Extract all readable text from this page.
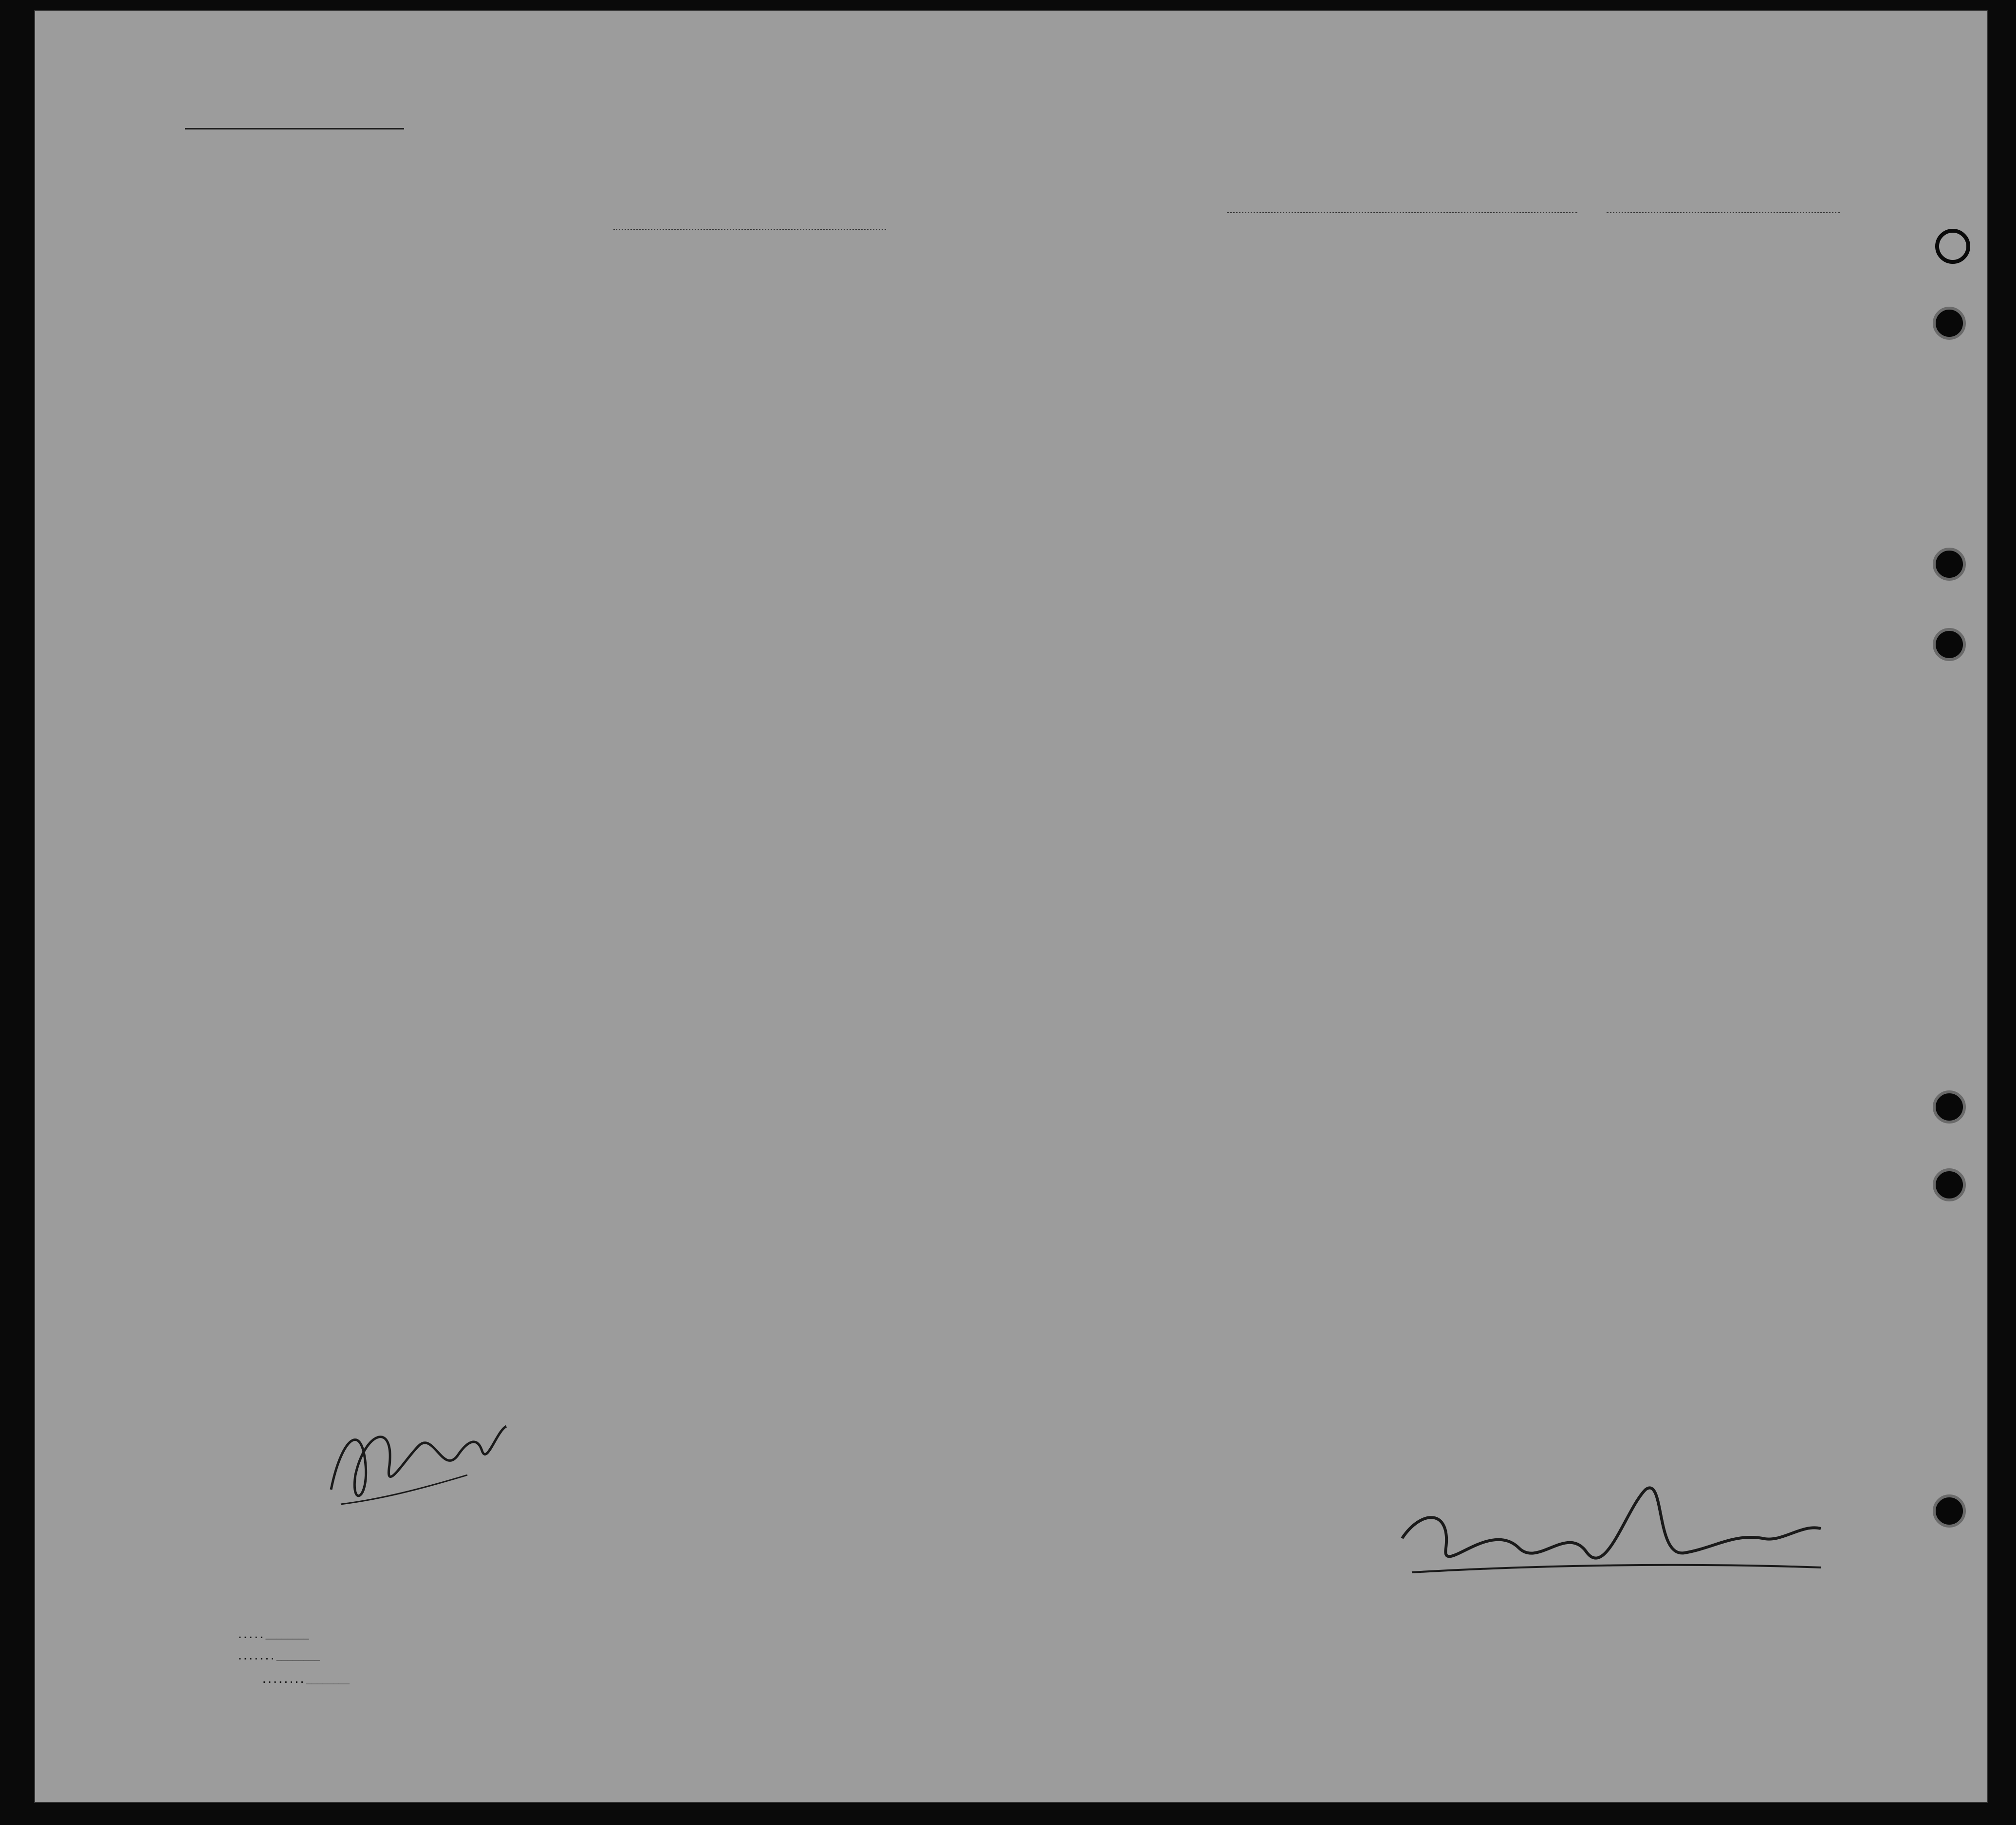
. . . . . ________
. . . . . . . ________
. . . . . . . . ________
